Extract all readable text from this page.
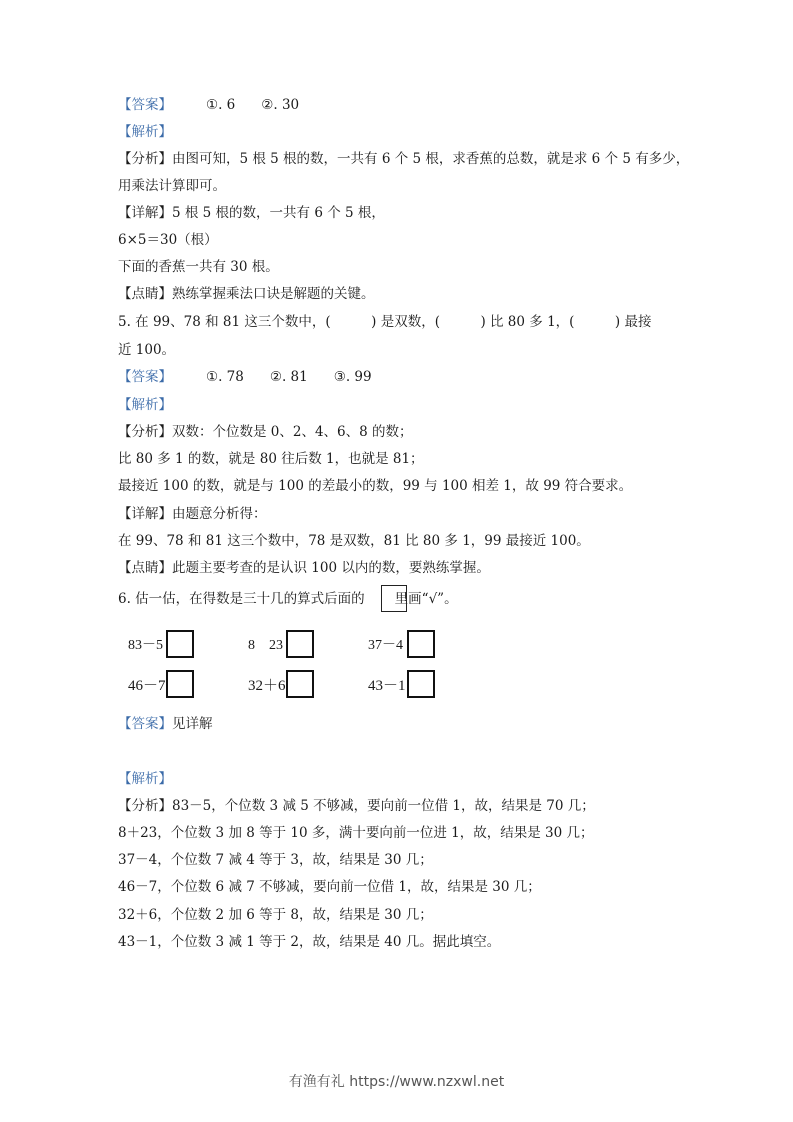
【答案】	①. 6 ②. 30
【解析】
【分析】由图可知，5 根 5 根的数，一共有 6 个 5 根，求香蕉的总数，就是求 6 个 5 有多少，
用乘法计算即可。
【详解】5 根 5 根的数，一共有 6 个 5 根，
6×5＝30（根）
下面的香蕉一共有 30 根。
【点睛】熟练掌握乘法口诀是解题的关键。
5. 在 99、78 和 81 这三个数中，(　　　) 是双数，(　　　) 比 80 多 1，(　　　) 最接
近 100。
【答案】	①. 78 ②. 81 ③. 99
【解析】
【分析】双数：个位数是 0、2、4、6、8 的数；
比 80 多 1 的数，就是 80 往后数 1，也就是 81；
最接近 100 的数，就是与 100 的差最小的数，99 与 100 相差 1，故 99 符合要求。
【详解】由题意分析得：
在 99、78 和 81 这三个数中，78 是双数，81 比 80 多 1，99 最接近 100。
【点睛】此题主要考查的是认识 100 以内的数，要熟练掌握。
6. 估一估，在得数是三十几的算式后面的 里画“√”。
83－5	8　23	37－4
46－7	32＋6	43－1
【答案】见详解
【解析】
【分析】83－5，个位数 3 减 5 不够减，要向前一位借 1，故，结果是 70 几；
8＋23，个位数 3 加 8 等于 10 多，满十要向前一位进 1，故，结果是 30 几；
37－4，个位数 7 减 4 等于 3，故，结果是 30 几；
46－7，个位数 6 减 7 不够减，要向前一位借 1，故，结果是 30 几；
32＋6，个位数 2 加 6 等于 8，故，结果是 30 几；
43－1，个位数 3 减 1 等于 2，故，结果是 40 几。据此填空。
有渔有礼 https://www.nzxwl.net
